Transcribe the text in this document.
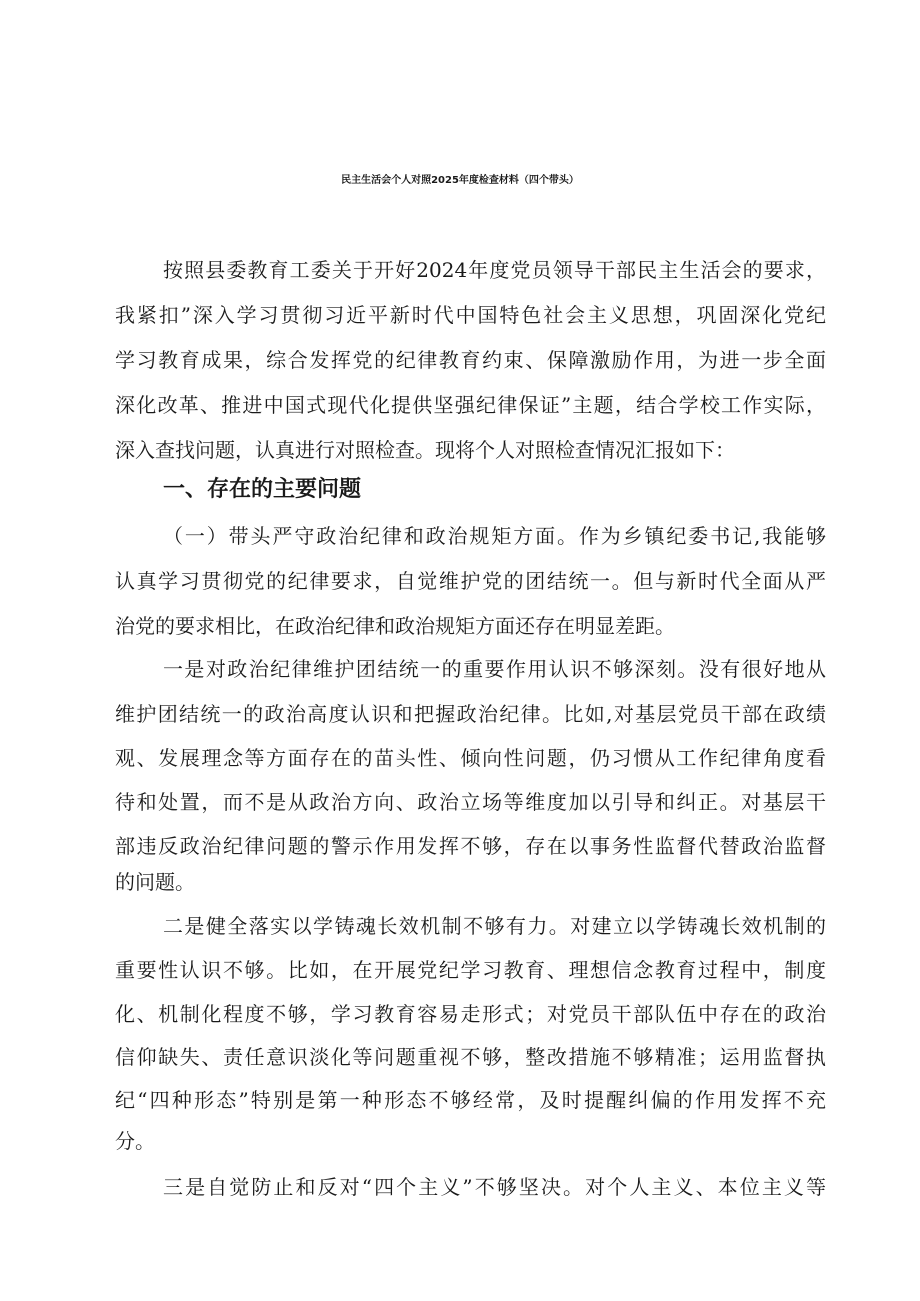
民主生活会个人对照2025年度检查材料（四个带头）
按照县委教育工委关于开好2024年度党员领导干部民主生活会的要求，
我紧扣”深入学习贯彻习近平新时代中国特色社会主义思想，巩固深化党纪
学习教育成果，综合发挥党的纪律教育约束、保障激励作用，为进一步全面
深化改革、推进中国式现代化提供坚强纪律保证”主题，结合学校工作实际，
深入查找问题，认真进行对照检查。现将个人对照检查情况汇报如下：
一、存在的主要问题
（一）带头严守政治纪律和政治规矩方面。作为乡镇纪委书记,我能够
认真学习贯彻党的纪律要求，自觉维护党的团结统一。但与新时代全面从严
治党的要求相比，在政治纪律和政治规矩方面还存在明显差距。
一是对政治纪律维护团结统一的重要作用认识不够深刻。没有很好地从
维护团结统一的政治高度认识和把握政治纪律。比如,对基层党员干部在政绩
观、发展理念等方面存在的苗头性、倾向性问题，仍习惯从工作纪律角度看
待和处置，而不是从政治方向、政治立场等维度加以引导和纠正。对基层干
部违反政治纪律问题的警示作用发挥不够，存在以事务性监督代替政治监督
的问题。
二是健全落实以学铸魂长效机制不够有力。对建立以学铸魂长效机制的
重要性认识不够。比如，在开展党纪学习教育、理想信念教育过程中，制度
化、机制化程度不够，学习教育容易走形式；对党员干部队伍中存在的政治
信仰缺失、责任意识淡化等问题重视不够，整改措施不够精准；运用监督执
纪“四种形态”特别是第一种形态不够经常，及时提醒纠偏的作用发挥不充
分。
三是自觉防止和反对“四个主义”不够坚决。对个人主义、本位主义等
